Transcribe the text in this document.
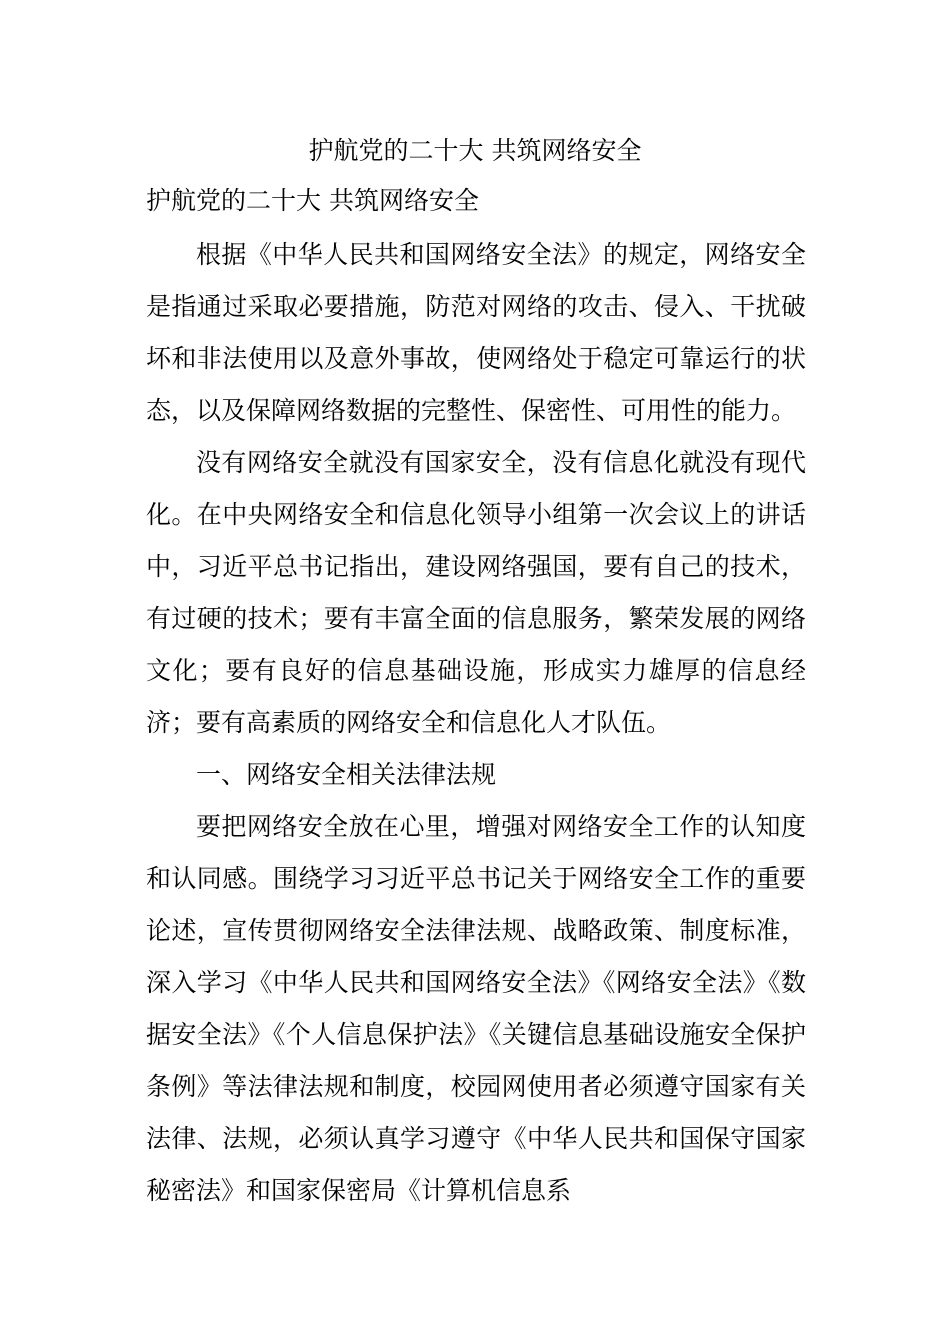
护航党的二十大 共筑网络安全
护航党的二十大 共筑网络安全

根据《中华人民共和国网络安全法》的规定，网络安全是指通过采取必要措施，防范对网络的攻击、侵入、干扰破坏和非法使用以及意外事故，使网络处于稳定可靠运行的状态，以及保障网络数据的完整性、保密性、可用性的能力。

没有网络安全就没有国家安全，没有信息化就没有现代化。在中央网络安全和信息化领导小组第一次会议上的讲话中，习近平总书记指出，建设网络强国，要有自己的技术，有过硬的技术；要有丰富全面的信息服务，繁荣发展的网络文化；要有良好的信息基础设施，形成实力雄厚的信息经济；要有高素质的网络安全和信息化人才队伍。

一、网络安全相关法律法规

要把网络安全放在心里，增强对网络安全工作的认知度和认同感。围绕学习习近平总书记关于网络安全工作的重要论述，宣传贯彻网络安全法律法规、战略政策、制度标准，深入学习《中华人民共和国网络安全法》《网络安全法》《数据安全法》《个人信息保护法》《关键信息基础设施安全保护条例》等法律法规和制度，校园网使用者必须遵守国家有关法律、法规，必须认真学习遵守《中华人民共和国保守国家秘密法》和国家保密局《计算机信息系
